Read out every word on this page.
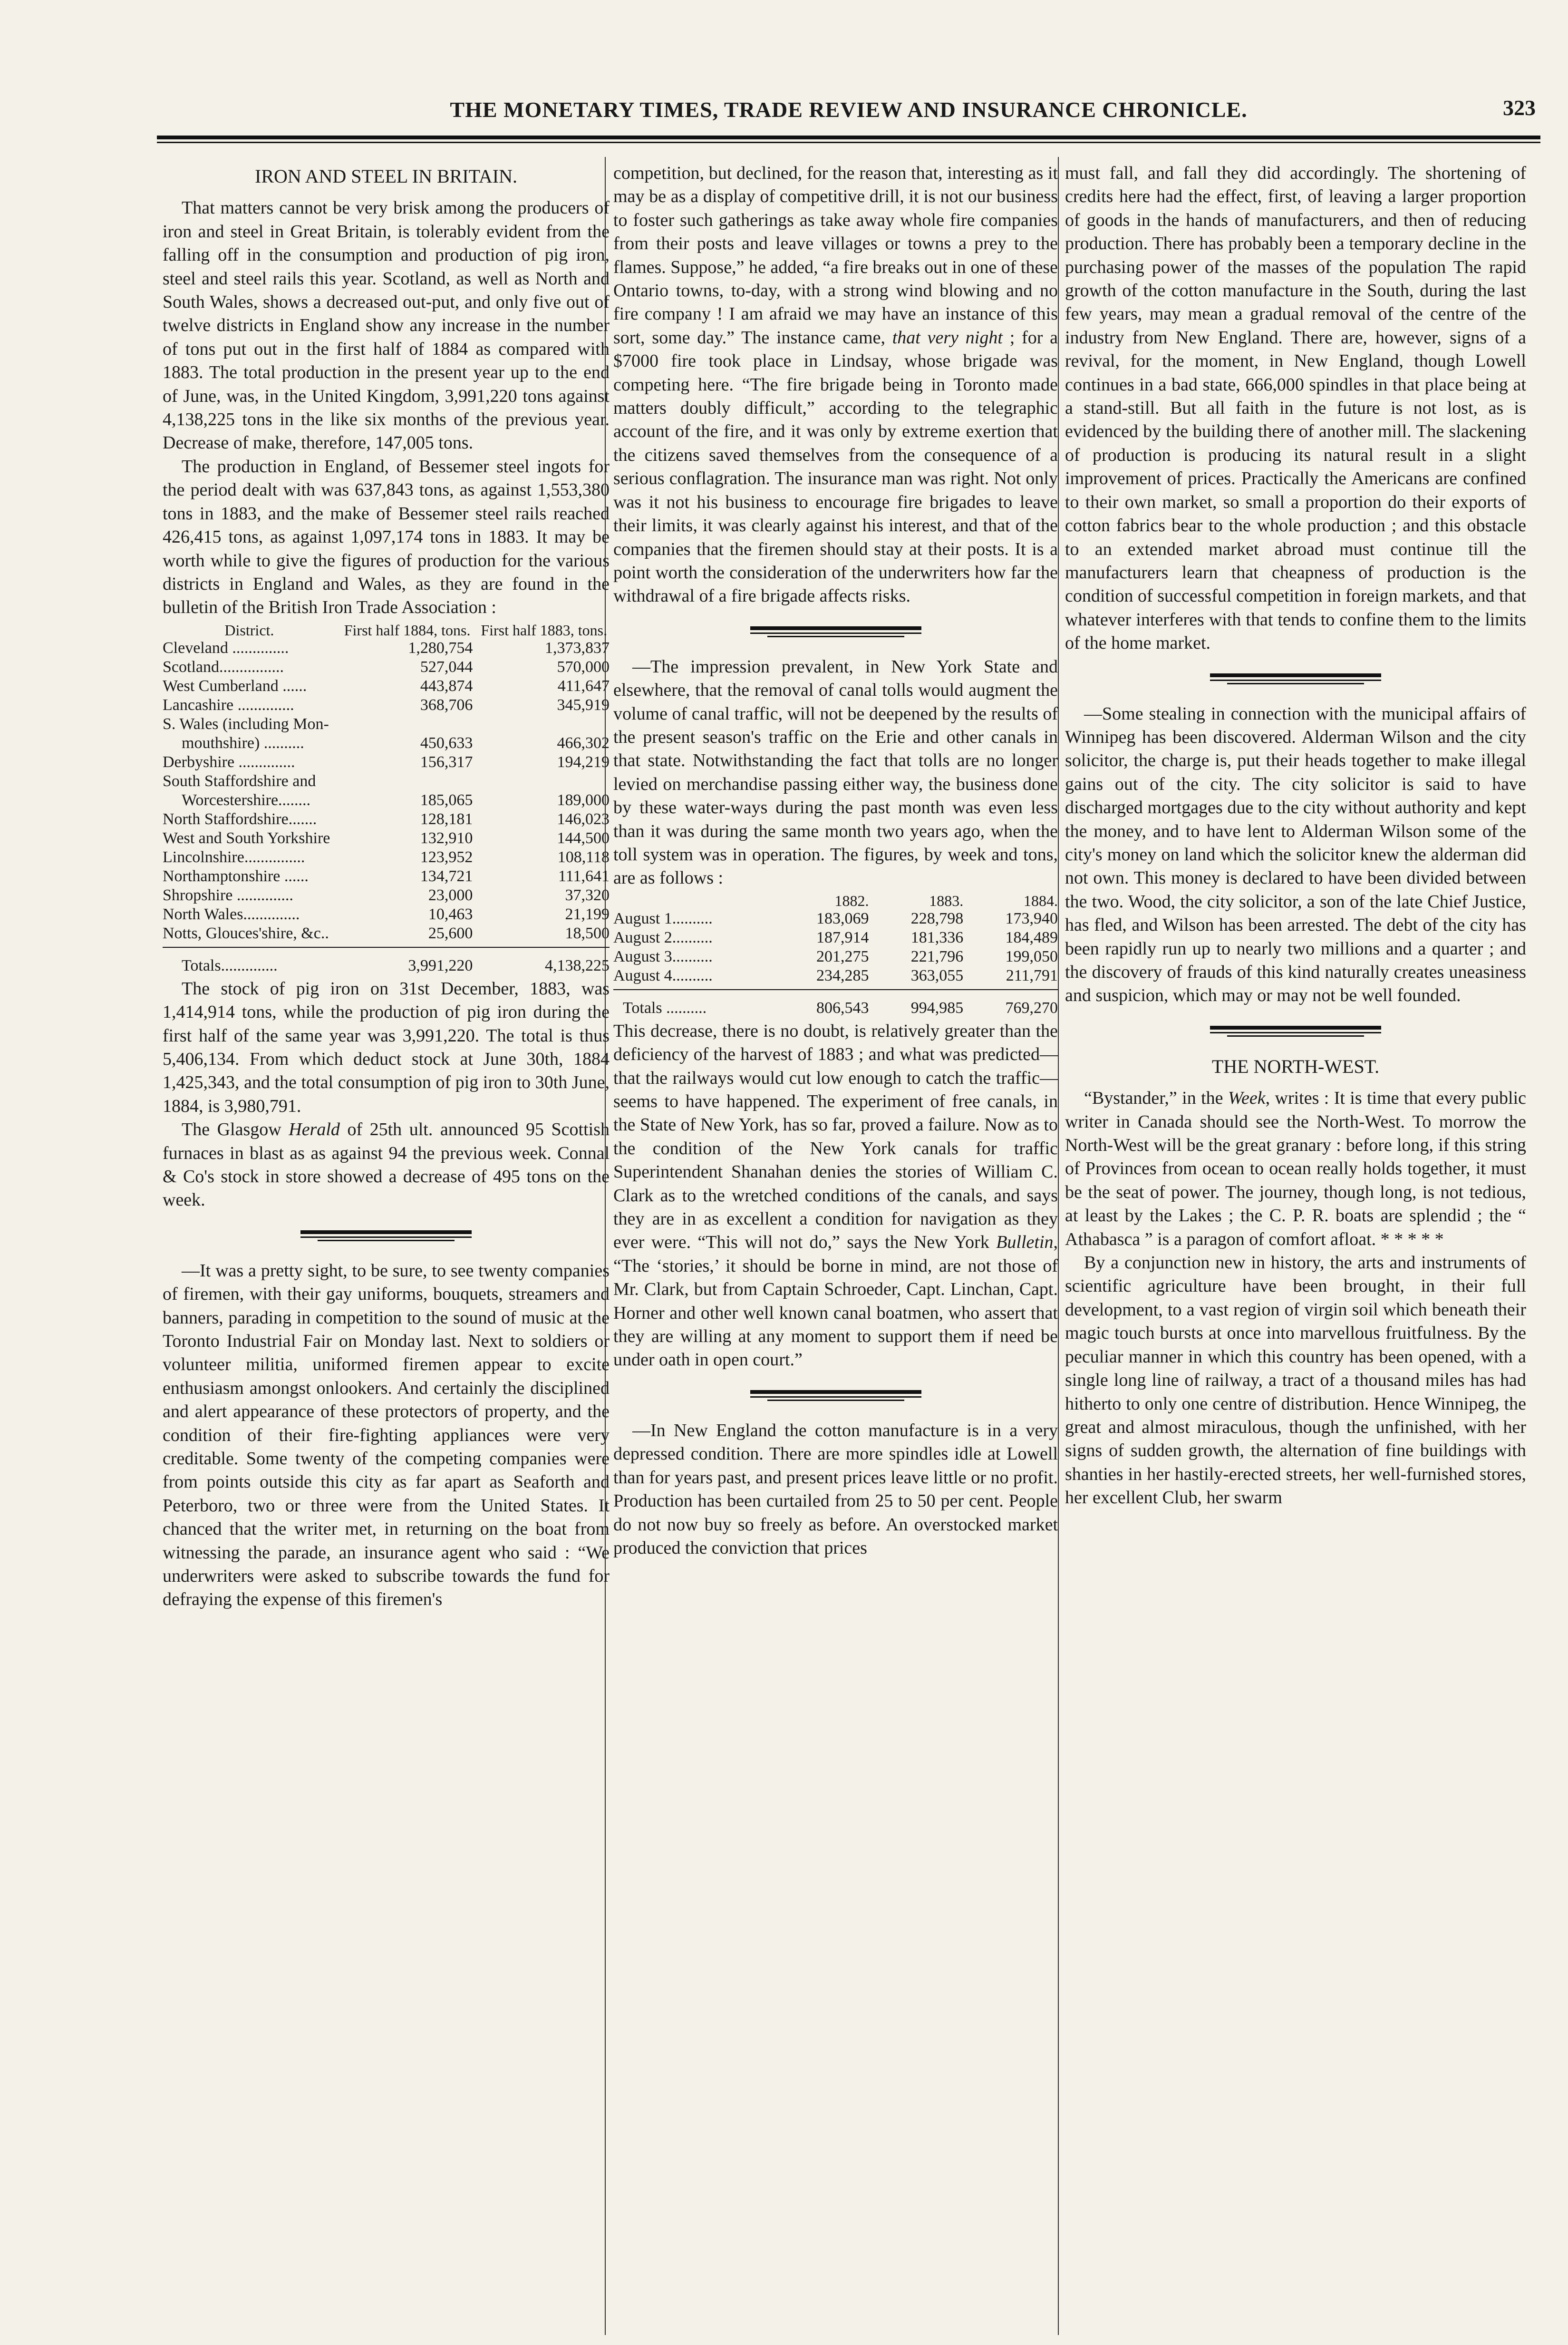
THE MONETARY TIMES, TRADE REVIEW AND INSURANCE CHRONICLE.	323
IRON AND STEEL IN BRITAIN.

That matters cannot be very brisk among the producers of iron and steel in Great Britain, is tolerably evident from the falling off in the consumption and production of pig iron, steel and steel rails this year. Scotland, as well as North and South Wales, shows a decreased out-put, and only five out of twelve districts in England show any increase in the number of tons put out in the first half of 1884 as compared with 1883. The total production in the present year up to the end of June, was, in the United Kingdom, 3,991,220 tons against 4,138,225 tons in the like six months of the previous year. Decrease of make, therefore, 147,005 tons.

The production in England, of Bessemer steel ingots for the period dealt with was 637,843 tons, as against 1,553,380 tons in 1883, and the make of Bessemer steel rails reached 426,415 tons, as against 1,097,174 tons in 1883. It may be worth while to give the figures of production for the various districts in England and Wales, as they are found in the bulletin of the British Iron Trade Association :

District.	First half 1884, tons.	First half 1883, tons.
Cleveland ..............	1,280,754	1,373,837
Scotland................	527,044	570,000
West Cumberland ......	443,874	411,647
Lancashire ..............	368,706	345,919
S. Wales (including Mon-		
mouthshire) ..........	450,633	466,302
Derbyshire ..............	156,317	194,219
South Staffordshire and		
Worcestershire........	185,065	189,000
North Staffordshire.......	128,181	146,023
West and South Yorkshire	132,910	144,500
Lincolnshire...............	123,952	108,118
Northamptonshire ......	134,721	111,641
Shropshire ..............	23,000	37,320
North Wales..............	10,463	21,199
Notts, Glouces'shire, &c..	25,600	18,500

Totals..............	3,991,220	4,138,225

The stock of pig iron on 31st December, 1883, was 1,414,914 tons, while the production of pig iron during the first half of the same year was 3,991,220. The total is thus 5,406,134. From which deduct stock at June 30th, 1884 1,425,343, and the total consumption of pig iron to 30th June, 1884, is 3,980,791.

The Glasgow Herald of 25th ult. announced 95 Scottish furnaces in blast as as against 94 the previous week. Connal & Co's stock in store showed a decrease of 495 tons on the week.

—It was a pretty sight, to be sure, to see twenty companies of firemen, with their gay uniforms, bouquets, streamers and banners, parading in competition to the sound of music at the Toronto Industrial Fair on Monday last. Next to soldiers or volunteer militia, uniformed firemen appear to excite enthusiasm amongst onlookers. And certainly the disciplined and alert appearance of these protectors of property, and the condition of their fire-fighting appliances were very creditable. Some twenty of the competing companies were from points outside this city as far apart as Seaforth and Peterboro, two or three were from the United States. It chanced that the writer met, in returning on the boat from witnessing the parade, an insurance agent who said : “We underwriters were asked to subscribe towards the fund for defraying the expense of this firemen's

competition, but declined, for the reason that, interesting as it may be as a display of competitive drill, it is not our business to foster such gatherings as take away whole fire companies from their posts and leave villages or towns a prey to the flames. Suppose,” he added, “a fire breaks out in one of these Ontario towns, to-day, with a strong wind blowing and no fire company ! I am afraid we may have an instance of this sort, some day.” The instance came, that very night ; for a $7000 fire took place in Lindsay, whose brigade was competing here. “The fire brigade being in Toronto made matters doubly difficult,” according to the telegraphic account of the fire, and it was only by extreme exertion that the citizens saved themselves from the consequence of a serious conflagration. The insurance man was right. Not only was it not his business to encourage fire brigades to leave their limits, it was clearly against his interest, and that of the companies that the firemen should stay at their posts. It is a point worth the consideration of the underwriters how far the withdrawal of a fire brigade affects risks.

—The impression prevalent, in New York State and elsewhere, that the removal of canal tolls would augment the volume of canal traffic, will not be deepened by the results of the present season's traffic on the Erie and other canals in that state. Notwithstanding the fact that tolls are no longer levied on merchandise passing either way, the business done by these water-ways during the past month was even less than it was during the same month two years ago, when the toll system was in operation. The figures, by week and tons, are as follows :

	1882.	1883.	1884.
August 1..........	183,069	228,798	173,940
August 2..........	187,914	181,336	184,489
August 3..........	201,275	221,796	199,050
August 4..........	234,285	363,055	211,791

Totals ..........	806,543	994,985	769,270

This decrease, there is no doubt, is relatively greater than the deficiency of the harvest of 1883 ; and what was predicted—that the railways would cut low enough to catch the traffic—seems to have happened. The experiment of free canals, in the State of New York, has so far, proved a failure. Now as to the condition of the New York canals for traffic Superintendent Shanahan denies the stories of William C. Clark as to the wretched conditions of the canals, and says they are in as excellent a condition for navigation as they ever were. “This will not do,” says the New York Bulletin, “The ‘stories,’ it should be borne in mind, are not those of Mr. Clark, but from Captain Schroeder, Capt. Linchan, Capt. Horner and other well known canal boatmen, who assert that they are willing at any moment to support them if need be under oath in open court.”

—In New England the cotton manufacture is in a very depressed condition. There are more spindles idle at Lowell than for years past, and present prices leave little or no profit. Production has been curtailed from 25 to 50 per cent. People do not now buy so freely as before. An overstocked market produced the conviction that prices

must fall, and fall they did accordingly. The shortening of credits here had the effect, first, of leaving a larger proportion of goods in the hands of manufacturers, and then of reducing production. There has probably been a temporary decline in the purchasing power of the masses of the population The rapid growth of the cotton manufacture in the South, during the last few years, may mean a gradual removal of the centre of the industry from New England. There are, however, signs of a revival, for the moment, in New England, though Lowell continues in a bad state, 666,000 spindles in that place being at a stand-still. But all faith in the future is not lost, as is evidenced by the building there of another mill. The slackening of production is producing its natural result in a slight improvement of prices. Practically the Americans are confined to their own market, so small a proportion do their exports of cotton fabrics bear to the whole production ; and this obstacle to an extended market abroad must continue till the manufacturers learn that cheapness of production is the condition of successful competition in foreign markets, and that whatever interferes with that tends to confine them to the limits of the home market.

—Some stealing in connection with the municipal affairs of Winnipeg has been discovered. Alderman Wilson and the city solicitor, the charge is, put their heads together to make illegal gains out of the city. The city solicitor is said to have discharged mortgages due to the city without authority and kept the money, and to have lent to Alderman Wilson some of the city's money on land which the solicitor knew the alderman did not own. This money is declared to have been divided between the two. Wood, the city solicitor, a son of the late Chief Justice, has fled, and Wilson has been arrested. The debt of the city has been rapidly run up to nearly two millions and a quarter ; and the discovery of frauds of this kind naturally creates uneasiness and suspicion, which may or may not be well founded.

THE NORTH-WEST.

“Bystander,” in the Week, writes : It is time that every public writer in Canada should see the North-West. To morrow the North-West will be the great granary : before long, if this string of Provinces from ocean to ocean really holds together, it must be the seat of power. The journey, though long, is not tedious, at least by the Lakes ; the C. P. R. boats are splendid ; the “ Athabasca ” is a paragon of comfort afloat. * * * * *

By a conjunction new in history, the arts and instruments of scientific agriculture have been brought, in their full development, to a vast region of virgin soil which beneath their magic touch bursts at once into marvellous fruitfulness. By the peculiar manner in which this country has been opened, with a single long line of railway, a tract of a thousand miles has had hitherto to only one centre of distribution. Hence Winnipeg, the great and almost miraculous, though the unfinished, with her signs of sudden growth, the alternation of fine buildings with shanties in her hastily-erected streets, her well-furnished stores, her excellent Club, her swarm
